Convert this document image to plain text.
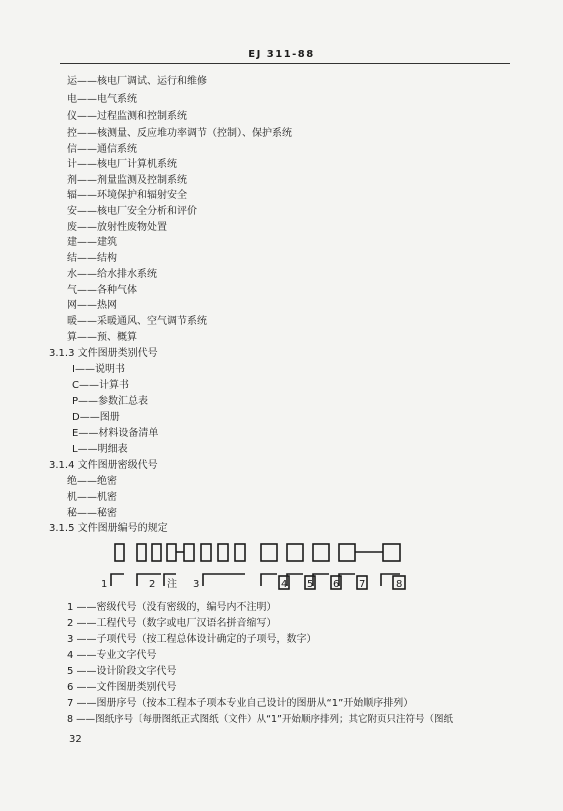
EJ 311-88
运——核电厂调试、运行和维修
电——电气系统
仪——过程监测和控制系统
控——核测量、反应堆功率调节（控制）、保护系统
信——通信系统
计——核电厂计算机系统
剂——剂量监测及控制系统
辐——环境保护和辐射安全
安——核电厂安全分析和评价
废——放射性废物处置
建——建筑
结——结构
水——给水排水系统
气——各种气体
网——热网
暖——采暖通风、空气调节系统
算——预、概算
3.1.3 文件图册类别代号
I——说明书
C——计算书
P——参数汇总表
D——图册
E——材料设备清单
L——明细表
3.1.4 文件图册密级代号
绝——绝密
机——机密
秘——秘密
3.1.5 文件图册编号的规定
1	2 注 3	4 5 6 7	8
1 ——密级代号（没有密级的，编号内不注明）
2 ——工程代号（数字或电厂汉语名拼音缩写）
3 ——子项代号（按工程总体设计确定的子项号，数字）
4 ——专业文字代号
5 ——设计阶段文字代号
6 ——文件图册类别代号
7 ——图册序号（按本工程本子项本专业自己设计的图册从“1”开始顺序排列）
8 ——图纸序号〔每册图纸正式图纸（文件）从“1”开始顺序排列；其它附页只注符号（图纸
32
